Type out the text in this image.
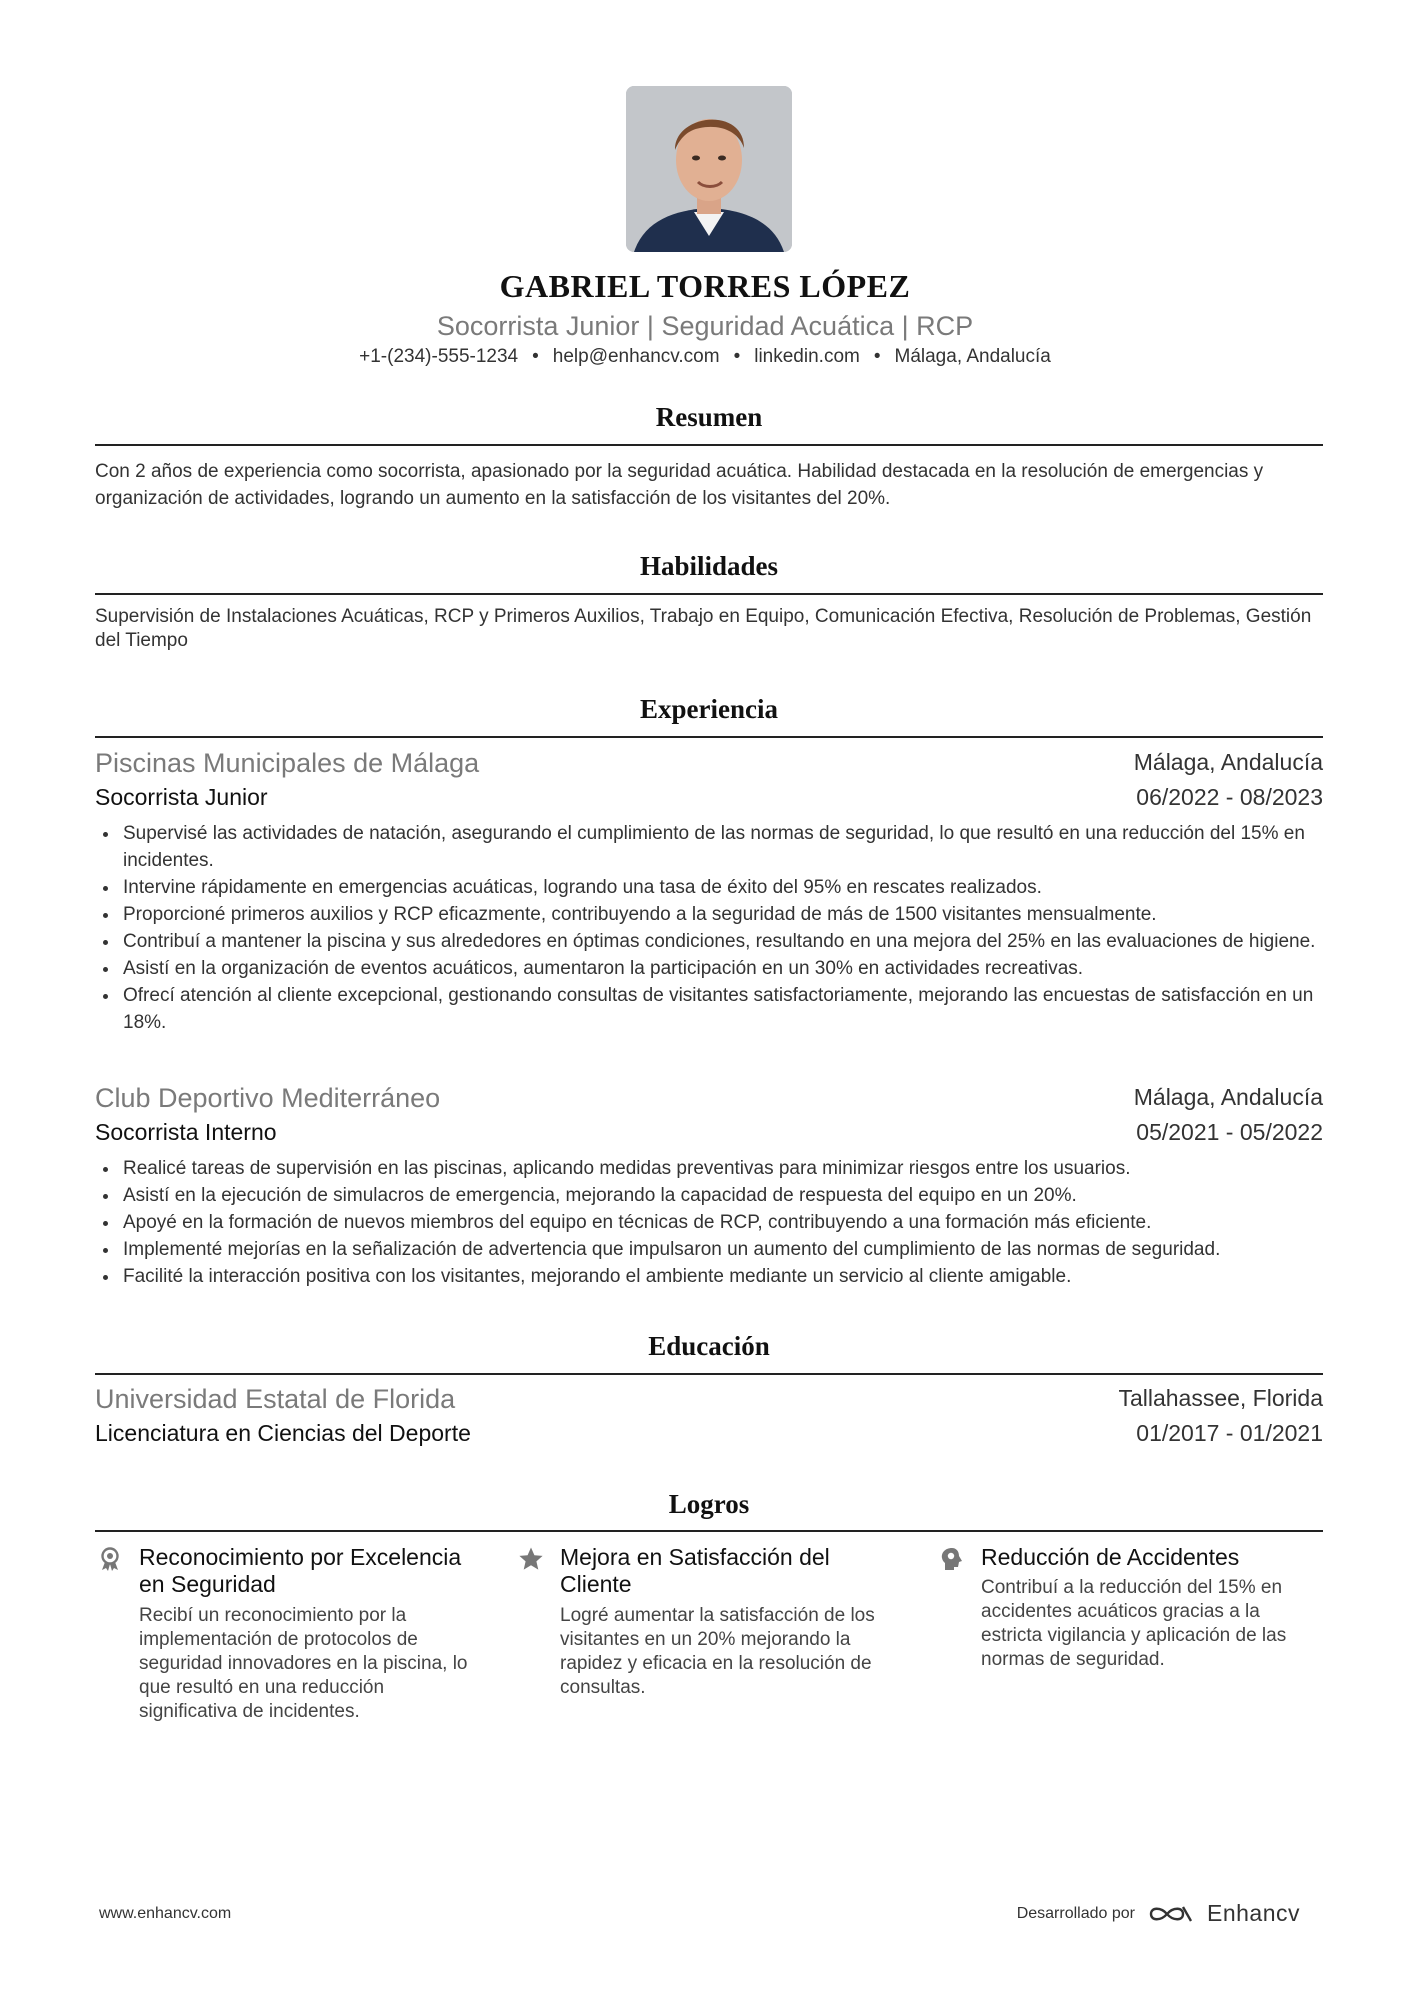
GABRIEL TORRES LÓPEZ
Socorrista Junior | Seguridad Acuática | RCP
+1-(234)-555-1234 • help@enhancv.com • linkedin.com • Málaga, Andalucía
Resumen
Con 2 años de experiencia como socorrista, apasionado por la seguridad acuática. Habilidad destacada en la resolución de emergencias y organización de actividades, logrando un aumento en la satisfacción de los visitantes del 20%.
Habilidades
Supervisión de Instalaciones Acuáticas, RCP y Primeros Auxilios, Trabajo en Equipo, Comunicación Efectiva, Resolución de Problemas, Gestión del Tiempo
Experiencia
Piscinas Municipales de Málaga	Málaga, Andalucía
Socorrista Junior	06/2022 - 08/2023
Supervisé las actividades de natación, asegurando el cumplimiento de las normas de seguridad, lo que resultó en una reducción del 15% en incidentes.
Intervine rápidamente en emergencias acuáticas, logrando una tasa de éxito del 95% en rescates realizados.
Proporcioné primeros auxilios y RCP eficazmente, contribuyendo a la seguridad de más de 1500 visitantes mensualmente.
Contribuí a mantener la piscina y sus alrededores en óptimas condiciones, resultando en una mejora del 25% en las evaluaciones de higiene.
Asistí en la organización de eventos acuáticos, aumentaron la participación en un 30% en actividades recreativas.
Ofrecí atención al cliente excepcional, gestionando consultas de visitantes satisfactoriamente, mejorando las encuestas de satisfacción en un 18%.
Club Deportivo Mediterráneo	Málaga, Andalucía
Socorrista Interno	05/2021 - 05/2022
Realicé tareas de supervisión en las piscinas, aplicando medidas preventivas para minimizar riesgos entre los usuarios.
Asistí en la ejecución de simulacros de emergencia, mejorando la capacidad de respuesta del equipo en un 20%.
Apoyé en la formación de nuevos miembros del equipo en técnicas de RCP, contribuyendo a una formación más eficiente.
Implementé mejorías en la señalización de advertencia que impulsaron un aumento del cumplimiento de las normas de seguridad.
Facilité la interacción positiva con los visitantes, mejorando el ambiente mediante un servicio al cliente amigable.
Educación
Universidad Estatal de Florida	Tallahassee, Florida
Licenciatura en Ciencias del Deporte	01/2017 - 01/2021
Logros
Reconocimiento por Excelencia en Seguridad
Recibí un reconocimiento por la implementación de protocolos de seguridad innovadores en la piscina, lo que resultó en una reducción significativa de incidentes.
Mejora en Satisfacción del Cliente
Logré aumentar la satisfacción de los visitantes en un 20% mejorando la rapidez y eficacia en la resolución de consultas.
Reducción de Accidentes
Contribuí a la reducción del 15% en accidentes acuáticos gracias a la estricta vigilancia y aplicación de las normas de seguridad.
www.enhancv.com	Desarrollado por	Enhancv
